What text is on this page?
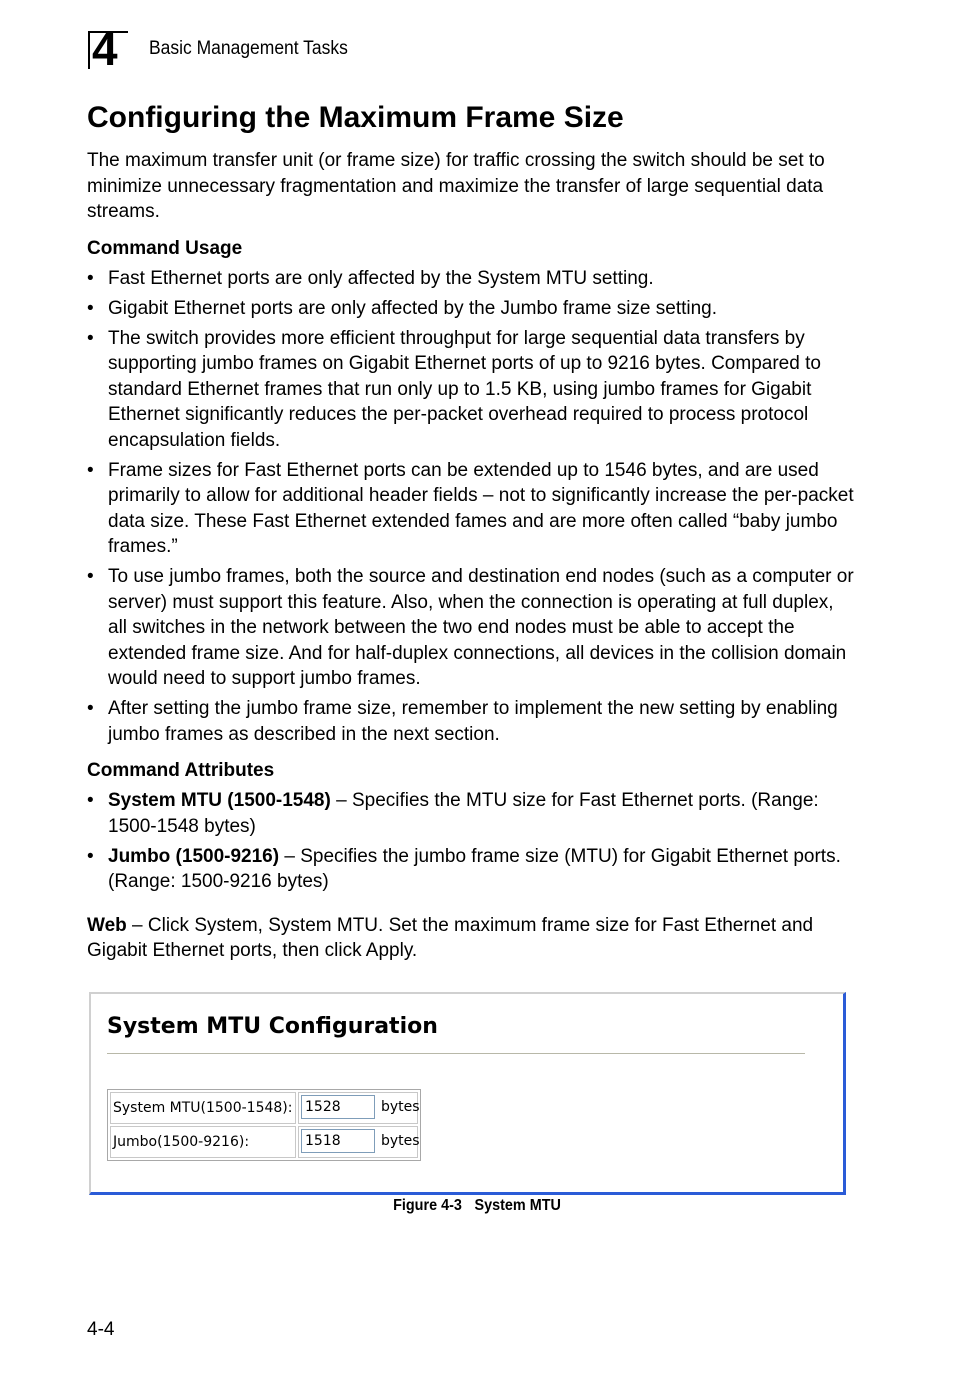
4 Basic Management Tasks
Configuring the Maximum Frame Size

The maximum transfer unit (or frame size) for traffic crossing the switch should be set to minimize unnecessary fragmentation and maximize the transfer of large sequential data streams.

Command Usage
• Fast Ethernet ports are only affected by the System MTU setting.
• Gigabit Ethernet ports are only affected by the Jumbo frame size setting.
• The switch provides more efficient throughput for large sequential data transfers by supporting jumbo frames on Gigabit Ethernet ports of up to 9216 bytes. Compared to standard Ethernet frames that run only up to 1.5 KB, using jumbo frames for Gigabit Ethernet significantly reduces the per-packet overhead required to process protocol encapsulation fields.
• Frame sizes for Fast Ethernet ports can be extended up to 1546 bytes, and are used primarily to allow for additional header fields – not to significantly increase the per-packet data size. These Fast Ethernet extended fames and are more often called “baby jumbo frames.”
• To use jumbo frames, both the source and destination end nodes (such as a computer or server) must support this feature. Also, when the connection is operating at full duplex, all switches in the network between the two end nodes must be able to accept the extended frame size. And for half-duplex connections, all devices in the collision domain would need to support jumbo frames.
• After setting the jumbo frame size, remember to implement the new setting by enabling jumbo frames as described in the next section.
Command Attributes
• System MTU (1500-1548) – Specifies the MTU size for Fast Ethernet ports. (Range: 1500-1548 bytes)
• Jumbo (1500-9216) – Specifies the jumbo frame size (MTU) for Gigabit Ethernet ports. (Range: 1500-9216 bytes)

Web – Click System, System MTU. Set the maximum frame size for Fast Ethernet and Gigabit Ethernet ports, then click Apply.

System MTU Configuration
System MTU(1500-1548): 1528	bytes
Jumbo(1500-9216):	1518	bytes
Figure 4-3 System MTU
4-4
